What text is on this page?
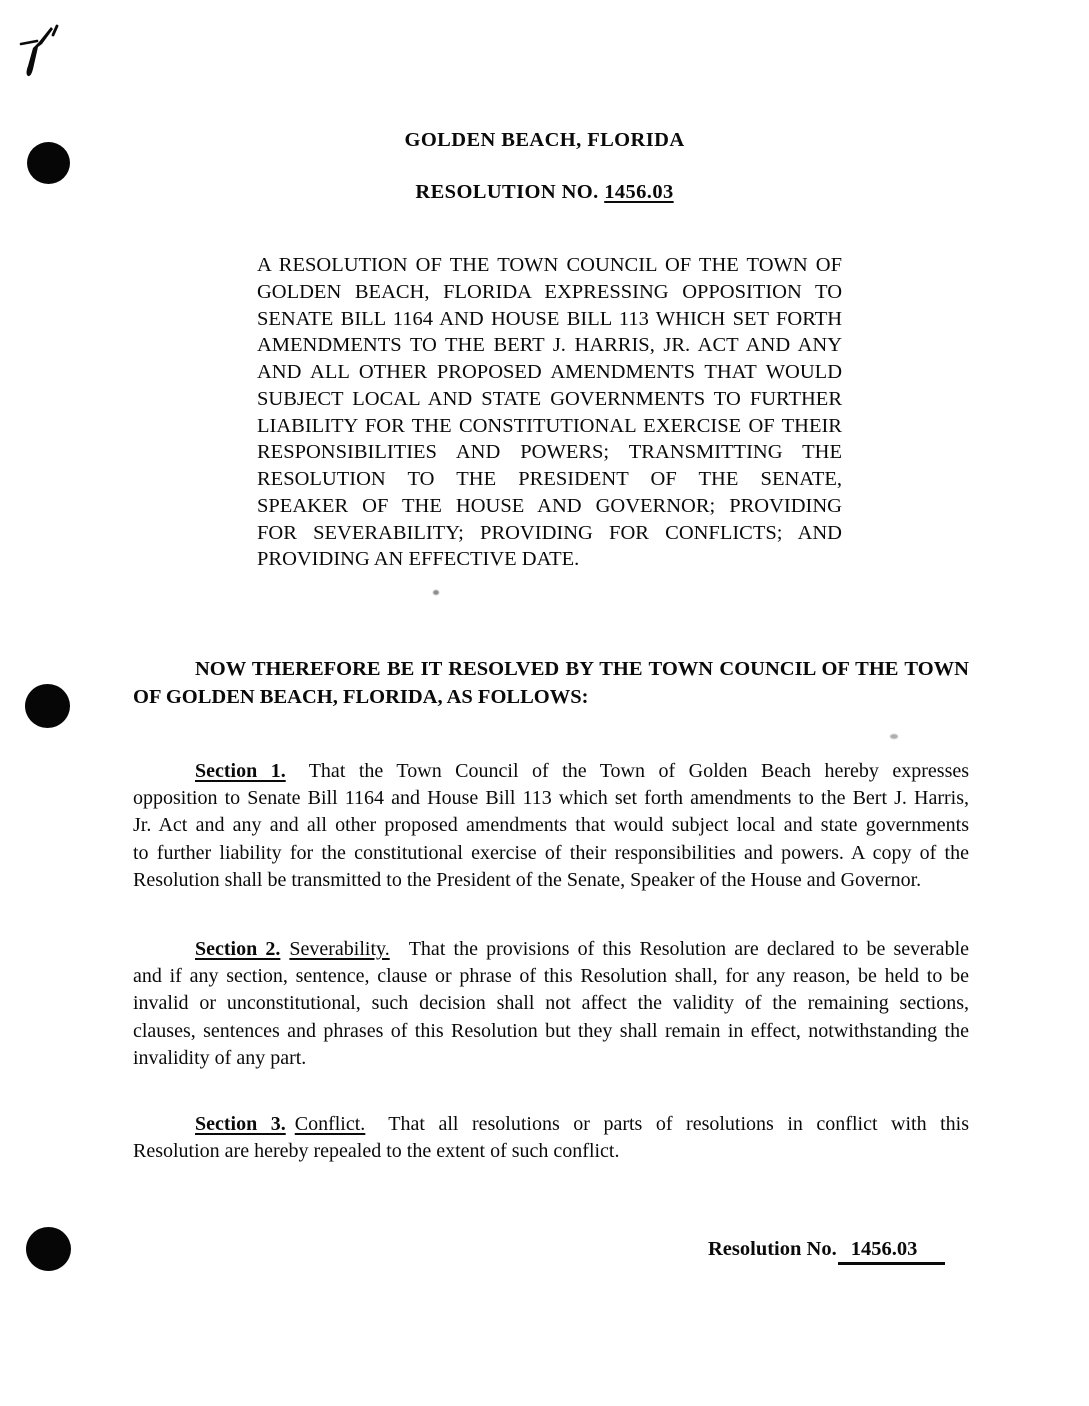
GOLDEN BEACH, FLORIDA
RESOLUTION NO. 1456.03
A RESOLUTION OF THE TOWN COUNCIL OF THE TOWN OF
GOLDEN BEACH, FLORIDA EXPRESSING OPPOSITION TO
SENATE BILL 1164 AND HOUSE BILL 113 WHICH SET FORTH
AMENDMENTS TO THE BERT J. HARRIS, JR. ACT AND ANY
AND ALL OTHER PROPOSED AMENDMENTS THAT WOULD
SUBJECT LOCAL AND STATE GOVERNMENTS TO FURTHER
LIABILITY FOR THE CONSTITUTIONAL EXERCISE OF THEIR
RESPONSIBILITIES AND POWERS; TRANSMITTING THE
RESOLUTION TO THE PRESIDENT OF THE SENATE,
SPEAKER OF THE HOUSE AND GOVERNOR; PROVIDING
FOR SEVERABILITY; PROVIDING FOR CONFLICTS; AND
PROVIDING AN EFFECTIVE DATE.
NOW THEREFORE BE IT RESOLVED BY THE TOWN COUNCIL OF THE TOWN
OF GOLDEN BEACH, FLORIDA, AS FOLLOWS:
Section 1. That the Town Council of the Town of Golden Beach hereby expresses
opposition to Senate Bill 1164 and House Bill 113 which set forth amendments to the Bert J. Harris,
Jr. Act and any and all other proposed amendments that would subject local and state governments
to further liability for the constitutional exercise of their responsibilities and powers. A copy of the
Resolution shall be transmitted to the President of the Senate, Speaker of the House and Governor.
Section 2. Severability. That the provisions of this Resolution are declared to be severable
and if any section, sentence, clause or phrase of this Resolution shall, for any reason, be held to be
invalid or unconstitutional, such decision shall not affect the validity of the remaining sections,
clauses, sentences and phrases of this Resolution but they shall remain in effect, notwithstanding the
invalidity of any part.
Section 3. Conflict. That all resolutions or parts of resolutions in conflict with this
Resolution are hereby repealed to the extent of such conflict.
Resolution No. 1456.03
